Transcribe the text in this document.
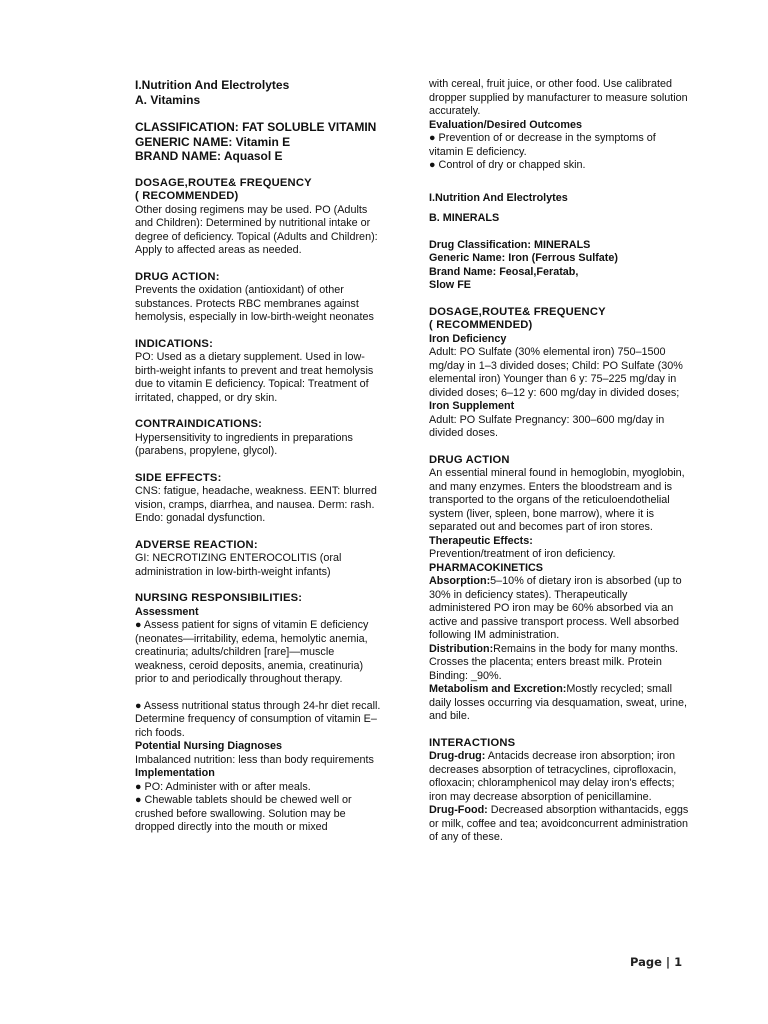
I.Nutrition And Electrolytes

A. Vitamins

CLASSIFICATION: FAT SOLUBLE VITAMIN

GENERIC NAME: Vitamin E

BRAND NAME: Aquasol E

DOSAGE,ROUTE& FREQUENCY

( RECOMMENDED)

Other dosing regimens may be used. PO (Adults and Children): Determined by nutritional intake or degree of deficiency. Topical (Adults and Children): Apply to affected areas as needed.

DRUG ACTION:

Prevents the oxidation (antioxidant) of other substances. Protects RBC membranes against hemolysis, especially in low-birth-weight neonates

INDICATIONS:

PO: Used as a dietary supplement. Used in low-birth-weight infants to prevent and treat hemolysis due to vitamin E deficiency. Topical: Treatment of irritated, chapped, or dry skin.

CONTRAINDICATIONS:

Hypersensitivity to ingredients in preparations (parabens, propylene, glycol).

SIDE EFFECTS:

CNS: fatigue, headache, weakness. EENT: blurred vision, cramps, diarrhea, and nausea. Derm: rash. Endo: gonadal dysfunction.

ADVERSE REACTION:

GI: NECROTIZING ENTEROCOLITIS (oral administration in low-birth-weight infants)

NURSING RESPONSIBILITIES:

Assessment

● Assess patient for signs of vitamin E deficiency (neonates—irritability, edema, hemolytic anemia, creatinuria; adults/children [rare]—muscle weakness, ceroid deposits, anemia, creatinuria) prior to and periodically throughout therapy.

● Assess nutritional status through 24-hr diet recall. Determine frequency of consumption of vitamin E–rich foods.

Potential Nursing Diagnoses

Imbalanced nutrition: less than body requirements

Implementation

● PO: Administer with or after meals.

● Chewable tablets should be chewed well or crushed before swallowing. Solution may be dropped directly into the mouth or mixed

with cereal, fruit juice, or other food. Use calibrated dropper supplied by manufacturer to measure solution accurately.

Evaluation/Desired Outcomes

● Prevention of or decrease in the symptoms of vitamin E deficiency.

● Control of dry or chapped skin.

I.Nutrition And Electrolytes

B. MINERALS

Drug Classification: MINERALS

Generic Name: Iron (Ferrous Sulfate)

Brand Name: Feosal,Feratab,

Slow FE

DOSAGE,ROUTE& FREQUENCY

( RECOMMENDED)

Iron Deficiency

Adult: PO Sulfate (30% elemental iron) 750–1500 mg/day in 1–3 divided doses; Child: PO Sulfate (30% elemental iron) Younger than 6 y: 75–225 mg/day in divided doses; 6–12 y: 600 mg/day in divided doses;

Iron Supplement

Adult: PO Sulfate Pregnancy: 300–600 mg/day in divided doses.

DRUG ACTION

An essential mineral found in hemoglobin, myoglobin, and many enzymes. Enters the bloodstream and is transported to the organs of the reticuloendothelial system (liver, spleen, bone marrow), where it is separated out and becomes part of iron stores.

Therapeutic Effects:

Prevention/treatment of iron deficiency.

PHARMACOKINETICS

Absorption:5–10% of dietary iron is absorbed (up to 30% in deficiency states). Therapeutically administered PO iron may be 60% absorbed via an active and passive transport process. Well absorbed following IM administration.

Distribution:Remains in the body for many months. Crosses the placenta; enters breast milk. Protein Binding: _90%.

Metabolism and Excretion:Mostly recycled; small daily losses occurring via desquamation, sweat, urine, and bile.

INTERACTIONS

Drug-drug: Antacids decrease iron absorption; iron decreases absorption of tetracyclines, ciprofloxacin, ofloxacin; chloramphenicol may delay iron's effects; iron may decrease absorption of penicillamine.

Drug-Food: Decreased absorption withantacids, eggs or milk, coffee and tea; avoidconcurrent administration of any of these.

Page | 1
